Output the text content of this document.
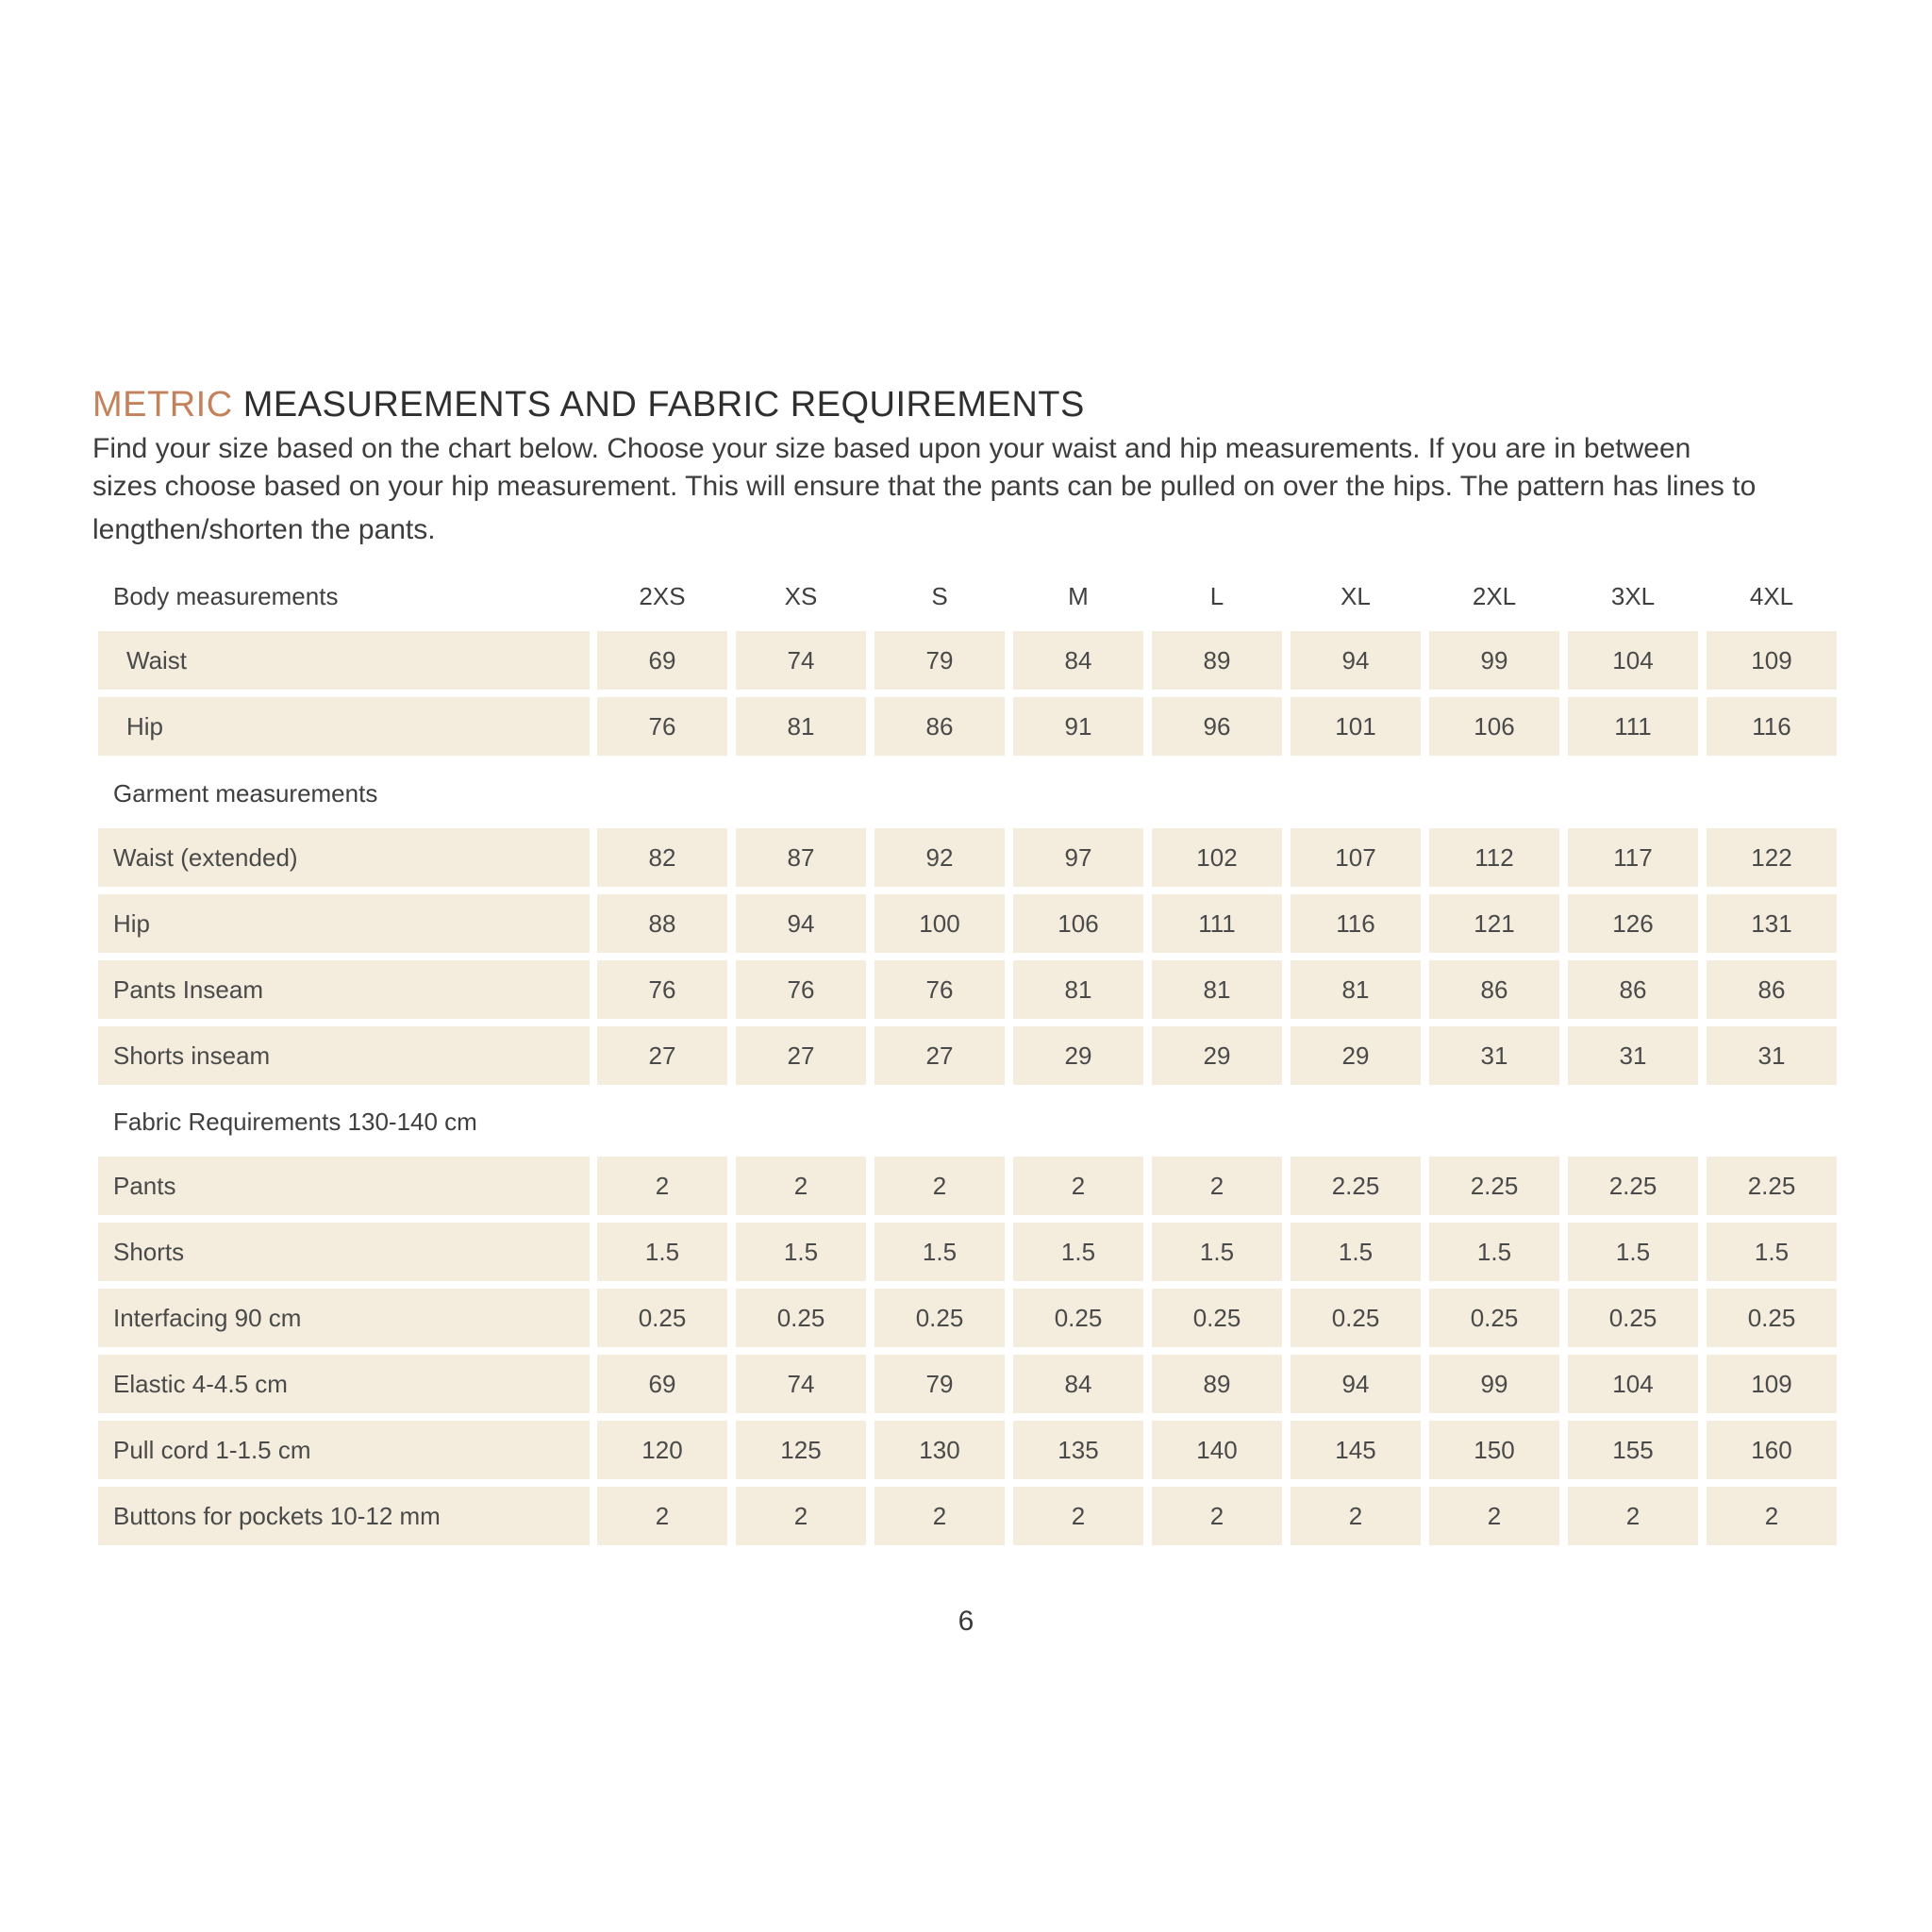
METRIC MEASUREMENTS AND FABRIC REQUIREMENTS
Find your size based on the chart below. Choose your size based upon your waist and hip measurements. If you are in between
sizes choose based on your hip measurement. This will ensure that the pants can be pulled on over the hips. The pattern has lines to
lengthen/shorten the pants.
Body measurements	2XS	XS	S	M	L	XL	2XL	3XL	4XL
Waist	69	74	79	84	89	94	99	104	109
Hip	76	81	86	91	96	101	106	111	116
Garment measurements
Waist (extended)	82	87	92	97	102	107	112	117	122
Hip	88	94	100	106	111	116	121	126	131
Pants Inseam	76	76	76	81	81	81	86	86	86
Shorts inseam	27	27	27	29	29	29	31	31	31
Fabric Requirements 130-140 cm
Pants	2	2	2	2	2	2.25	2.25	2.25	2.25
Shorts	1.5	1.5	1.5	1.5	1.5	1.5	1.5	1.5	1.5
Interfacing 90 cm	0.25	0.25	0.25	0.25	0.25	0.25	0.25	0.25	0.25
Elastic 4-4.5 cm	69	74	79	84	89	94	99	104	109
Pull cord 1-1.5 cm	120	125	130	135	140	145	150	155	160
Buttons for pockets 10-12 mm	2	2	2	2	2	2	2	2	2
6
